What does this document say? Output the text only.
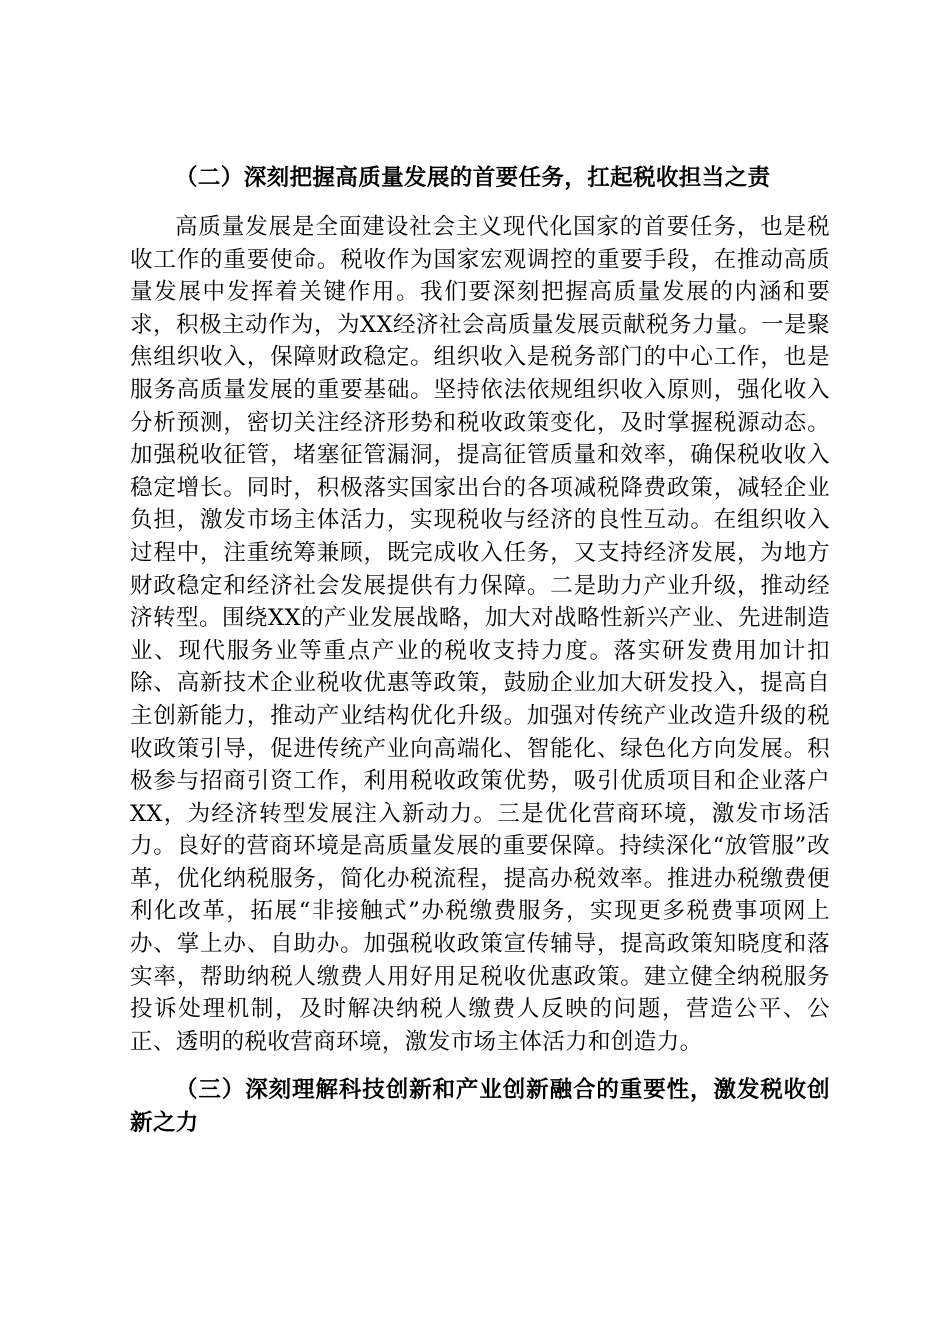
（二）深刻把握高质量发展的首要任务，扛起税收担当之责

高质量发展是全面建设社会主义现代化国家的首要任务，也是税收工作的重要使命。税收作为国家宏观调控的重要手段，在推动高质量发展中发挥着关键作用。我们要深刻把握高质量发展的内涵和要求，积极主动作为，为XX经济社会高质量发展贡献税务力量。一是聚焦组织收入，保障财政稳定。组织收入是税务部门的中心工作，也是服务高质量发展的重要基础。坚持依法依规组织收入原则，强化收入分析预测，密切关注经济形势和税收政策变化，及时掌握税源动态。加强税收征管，堵塞征管漏洞，提高征管质量和效率，确保税收收入稳定增长。同时，积极落实国家出台的各项减税降费政策，减轻企业负担，激发市场主体活力，实现税收与经济的良性互动。在组织收入过程中，注重统筹兼顾，既完成收入任务，又支持经济发展，为地方财政稳定和经济社会发展提供有力保障。二是助力产业升级，推动经济转型。围绕XX的产业发展战略，加大对战略性新兴产业、先进制造业、现代服务业等重点产业的税收支持力度。落实研发费用加计扣除、高新技术企业税收优惠等政策，鼓励企业加大研发投入，提高自主创新能力，推动产业结构优化升级。加强对传统产业改造升级的税收政策引导，促进传统产业向高端化、智能化、绿色化方向发展。积极参与招商引资工作，利用税收政策优势，吸引优质项目和企业落户XX，为经济转型发展注入新动力。三是优化营商环境，激发市场活力。良好的营商环境是高质量发展的重要保障。持续深化“放管服”改革，优化纳税服务，简化办税流程，提高办税效率。推进办税缴费便利化改革，拓展“非接触式”办税缴费服务，实现更多税费事项网上办、掌上办、自助办。加强税收政策宣传辅导，提高政策知晓度和落实率，帮助纳税人缴费人用好用足税收优惠政策。建立健全纳税服务投诉处理机制，及时解决纳税人缴费人反映的问题，营造公平、公正、透明的税收营商环境，激发市场主体活力和创造力。

（三）深刻理解科技创新和产业创新融合的重要性，激发税收创新之力
